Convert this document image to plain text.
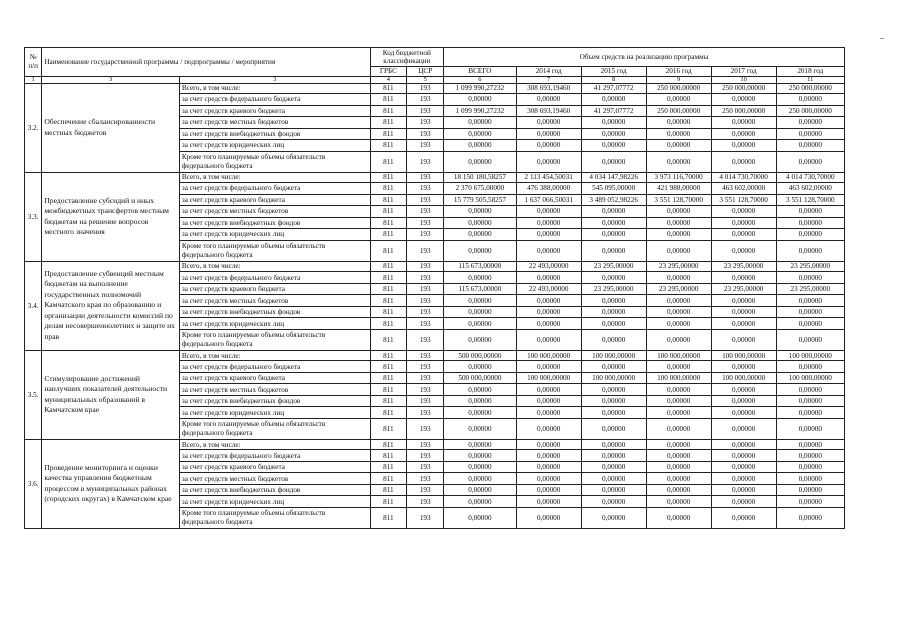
№ п/п	Наименование государственной программы / подпрограммы / мероприятия		Код бюджетной классификации		Объем средств на реализацию программы					
			ГРБС	ЦСР	ВСЕГО	2014 год	2015 год	2016 год	2017 год	2018 год
1	3	3	4	5	6	7	8	9	10	11
3.2.	Обеспечение сбалансированности местных бюджетов	Всего, в том числе:	811	193	1 099 990,27232	308 693,19460	41 297,07772	250 000,00000	250 000,00000	250 000,00000
		за счет средств федерального бюджета	811	193	0,00000	0,00000	0,00000	0,00000	0,00000	0,00000
		за счет средств краевого бюджета	811	193	1 099 990,27232	308 693,19460	41 297,07772	250 000,00000	250 000,00000	250 000,00000
		за счет средств местных бюджетов	811	193	0,00000	0,00000	0,00000	0,00000	0,00000	0,00000
		за счет средств внебюджетных фондов	811	193	0,00000	0,00000	0,00000	0,00000	0,00000	0,00000
		за счет средств юридических лиц	811	193	0,00000	0,00000	0,00000	0,00000	0,00000	0,00000
		Кроме того планируемые объемы обязательств федерального бюджета	811	193	0,00000	0,00000	0,00000	0,00000	0,00000	0,00000
3.3.	Предоставление субсидий и иных межбюджетных трансфертов местным бюджетам на решение вопросов местного значения	Всего, в том числе:	811	193	18 150 180,58257	2 113 454,50031	4 034 147,98226	3 973 116,70000	4 014 730,70000	4 014 730,70000
		за счет средств федерального бюджета	811	193	2 370 675,00000	476 388,00000	545 095,00000	421 988,00000	463 602,00000	463 602,00000
		за счет средств краевого бюджета	811	193	15 779 505,58257	1 637 066,50031	3 489 052,98226	3 551 128,70000	3 551 128,70000	3 551 128,70000
		за счет средств местных бюджетов	811	193	0,00000	0,00000	0,00000	0,00000	0,00000	0,00000
		за счет средств внебюджетных фондов	811	193	0,00000	0,00000	0,00000	0,00000	0,00000	0,00000
		за счет средств юридических лиц	811	193	0,00000	0,00000	0,00000	0,00000	0,00000	0,00000
		Кроме того планируемые объемы обязательств федерального бюджета	811	193	0,00000	0,00000	0,00000	0,00000	0,00000	0,00000
3.4.	Предоставление субвенций местным бюджетам на выполнение государственных полномочий Камчатского края по образованию и организации деятельности комиссий по делам несовершеннолетних и защите их прав	Всего, в том числе:	811	193	115 673,00000	22 493,00000	23 295,00000	23 295,00000	23 295,00000	23 295,00000
		за счет средств федерального бюджета	811	193	0,00000	0,00000	0,00000	0,00000	0,00000	0,00000
		за счет средств краевого бюджета	811	193	115 673,00000	22 493,00000	23 295,00000	23 295,00000	23 295,00000	23 295,00000
		за счет средств местных бюджетов	811	193	0,00000	0,00000	0,00000	0,00000	0,00000	0,00000
		за счет средств внебюджетных фондов	811	193	0,00000	0,00000	0,00000	0,00000	0,00000	0,00000
		за счет средств юридических лиц	811	193	0,00000	0,00000	0,00000	0,00000	0,00000	0,00000
		Кроме того планируемые объемы обязательств федерального бюджета	811	193	0,00000	0,00000	0,00000	0,00000	0,00000	0,00000
3.5.	Стимулирование достижений наилучших показателей деятельности муниципальных образований в Камчатском крае	Всего, в том числе:	811	193	500 000,00000	100 000,00000	100 000,00000	100 000,00000	100 000,00000	100 000,00000
		за счет средств федерального бюджета	811	193	0,00000	0,00000	0,00000	0,00000	0,00000	0,00000
		за счет средств краевого бюджета	811	193	500 000,00000	100 000,00000	100 000,00000	100 000,00000	100 000,00000	100 000,00000
		за счет средств местных бюджетов	811	193	0,00000	0,00000	0,00000	0,00000	0,00000	0,00000
		за счет средств внебюджетных фондов	811	193	0,00000	0,00000	0,00000	0,00000	0,00000	0,00000
		за счет средств юридических лиц	811	193	0,00000	0,00000	0,00000	0,00000	0,00000	0,00000
		Кроме того планируемые объемы обязательств федерального бюджета	811	193	0,00000	0,00000	0,00000	0,00000	0,00000	0,00000
3.6.	Проведение мониторинга и оценки качества управления бюджетным процессом в муниципальных районах (городских округах) в Камчатском крае	Всего, в том числе:	811	193	0,00000	0,00000	0,00000	0,00000	0,00000	0,00000
		за счет средств федерального бюджета	811	193	0,00000	0,00000	0,00000	0,00000	0,00000	0,00000
		за счет средств краевого бюджета	811	193	0,00000	0,00000	0,00000	0,00000	0,00000	0,00000
		за счет средств местных бюджетов	811	193	0,00000	0,00000	0,00000	0,00000	0,00000	0,00000
		за счет средств внебюджетных фондов	811	193	0,00000	0,00000	0,00000	0,00000	0,00000	0,00000
		за счет средств юридических лиц	811	193	0,00000	0,00000	0,00000	0,00000	0,00000	0,00000
		Кроме того планируемые объемы обязательств федерального бюджета	811	193	0,00000	0,00000	0,00000	0,00000	0,00000	0,00000
